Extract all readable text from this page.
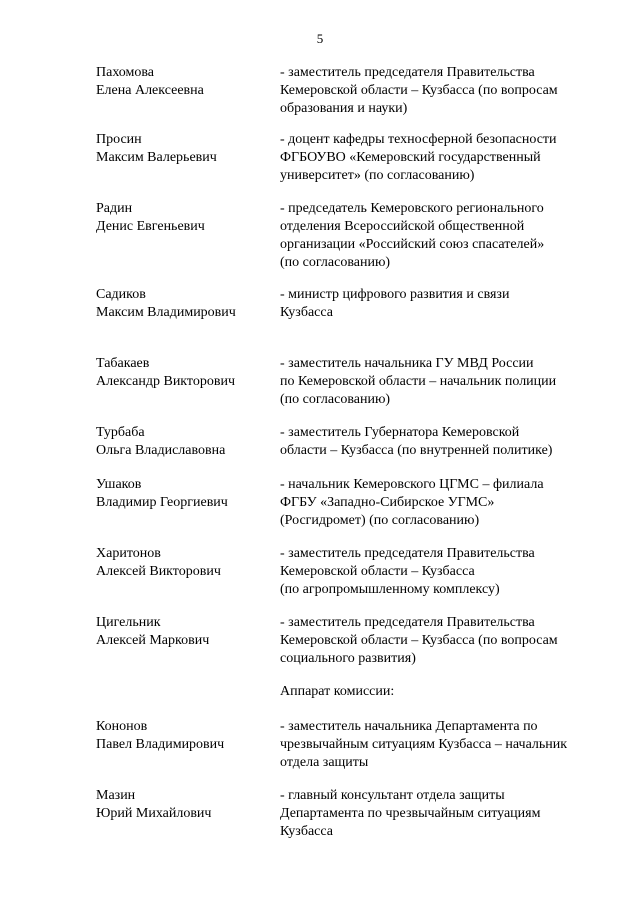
5
Пахомова
Елена Алексеевна
- заместитель председателя Правительства
Кемеровской области – Кузбасса (по вопросам
образования и науки)
Просин
Максим Валерьевич
- доцент кафедры техносферной безопасности
ФГБОУВО «Кемеровский государственный
университет» (по согласованию)
Радин
Денис Евгеньевич
- председатель Кемеровского регионального
отделения Всероссийской общественной
организации «Российский союз спасателей»
(по согласованию)
Садиков
Максим Владимирович
- министр цифрового развития и связи
Кузбасса
Табакаев
Александр Викторович
- заместитель начальника ГУ МВД России
по Кемеровской области – начальник полиции
(по согласованию)
Турбаба
Ольга Владиславовна
- заместитель Губернатора Кемеровской
области – Кузбасса (по внутренней политике)
Ушаков
Владимир Георгиевич
- начальник Кемеровского ЦГМС – филиала
ФГБУ «Западно-Сибирское УГМС»
(Росгидромет) (по согласованию)
Харитонов
Алексей Викторович
- заместитель председателя Правительства
Кемеровской области – Кузбасса
(по агропромышленному комплексу)
Цигельник
Алексей Маркович
- заместитель председателя Правительства
Кемеровской области – Кузбасса (по вопросам
социального развития)
Аппарат комиссии:
Кононов
Павел Владимирович
- заместитель начальника Департамента по
чрезвычайным ситуациям Кузбасса – начальник
отдела защиты
Мазин
Юрий Михайлович
- главный консультант отдела защиты
Департамента по чрезвычайным ситуациям
Кузбасса
